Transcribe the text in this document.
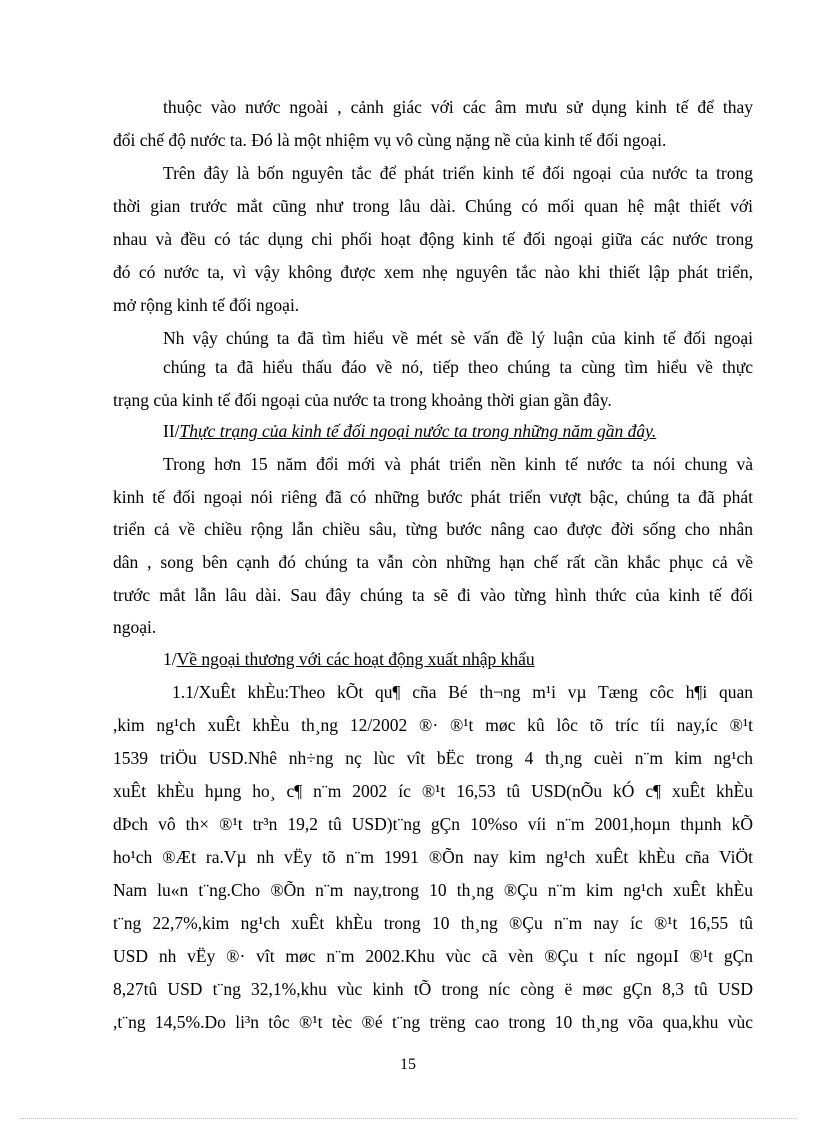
thuộc vào nước ngoài , cảnh giác với các âm mưu sử dụng kinh tế để thay
đổi chế độ nước ta. Đó là một nhiệm vụ vô cùng nặng nề của kinh tế đối ngoại.
Trên đây là bốn nguyên tắc để phát triển kinh tế đối ngoại của nước ta trong
thời gian trước mắt cũng như trong lâu dài. Chúng có mối quan hệ mật thiết với
nhau và đều có tác dụng chi phối hoạt động kinh tế đối ngoại giữa các nước trong
đó có nước ta, vì vậy không được xem nhẹ nguyên tắc nào khi thiết lập phát triển,
mở rộng kinh tế đối ngoại.
Nh vậy chúng ta đã tìm hiểu về mét sè vấn đề lý luận của kinh tế đối ngoại
chúng ta đã hiểu thấu đáo về nó, tiếp theo chúng ta cùng tìm hiểu về thực
trạng của kinh tế đối ngoại của nước ta trong khoảng thời gian gần đây.
II/Thực trạng của kinh tế đối ngoại nước ta trong những năm gần đây.
Trong hơn 15 năm đổi mới và phát triển nền kinh tế nước ta nói chung và
kinh tế đối ngoại nói riêng đã có những bước phát triển vượt bậc, chúng ta đã phát
triển cả về chiều rộng lẫn chiều sâu, từng bước nâng cao được đời sống cho nhân
dân , song bên cạnh đó chúng ta vẫn còn những hạn chế rất cần khắc phục cả về
trước mắt lẫn lâu dài. Sau đây chúng ta sẽ đi vào từng hình thức của kinh tế đối
ngoại.
1/Về ngoại thương với các hoạt động xuất nhập khẩu
1.1/XuÊt khÈu:Theo kÕt qu¶ cña Bé th¬ng m¹i vµ Tæng côc h¶i quan
,kim ng¹ch xuÊt khÈu th¸ng 12/2002 ®· ®¹t møc kû lôc tõ tríc tíi nay,íc ®¹t
1539 triÖu USD.Nhê nh÷ng nç lùc vît bËc trong 4 th¸ng cuèi n¨m kim ng¹ch
xuÊt khÈu hµng ho¸ c¶ n¨m 2002 íc ®¹t 16,53 tû USD(nÕu kÓ c¶ xuÊt khÈu
dÞch vô th× ®¹t tr³n 19,2 tû USD)t¨ng gÇn 10%so víi n¨m 2001,hoµn thµnh kÕ
ho¹ch ®Æt ra.Vµ nh vËy tõ n¨m 1991 ®Õn nay kim ng¹ch xuÊt khÈu cña ViÖt
Nam lu«n t¨ng.Cho ®Õn n¨m nay,trong 10 th¸ng ®Çu n¨m kim ng¹ch xuÊt khÈu
t¨ng 22,7%,kim ng¹ch xuÊt khÈu trong 10 th¸ng ®Çu n¨m nay íc ®¹t 16,55 tû
USD nh vËy ®· vît møc n¨m 2002.Khu vùc cã vèn ®Çu t níc ngoµI ®¹t gÇn
8,27tû USD t¨ng 32,1%,khu vùc kinh tÕ trong níc còng ë møc gÇn 8,3 tû USD
,t¨ng 14,5%.Do li³n tôc ®¹t tèc ®é t¨ng trëng cao trong 10 th¸ng võa qua,khu vùc
15
